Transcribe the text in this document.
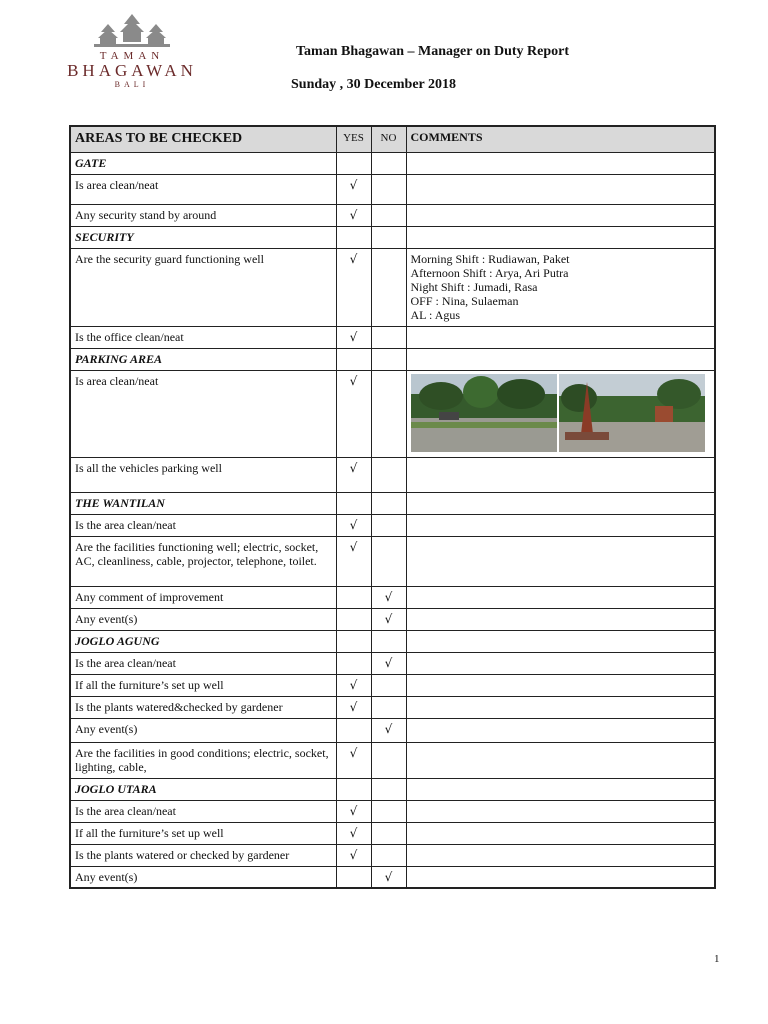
TAMAN
BHAGAWAN
BALI
Taman Bhagawan – Manager on Duty Report
Sunday , 30 December 2018
AREAS TO BE CHECKED	YES	NO	COMMENTS
GATE			
Is area clean/neat	√		
Any security stand by around	√		
SECURITY			
Are the security guard functioning well	√		Morning Shift : Rudiawan, Paket
Afternoon Shift : Arya, Ari Putra
Night Shift : Jumadi, Rasa
OFF : Nina, Sulaeman
AL : Agus

Is the office clean/neat	√		
PARKING AREA			
Is area clean/neat	√		

Is all the vehicles parking well	√		
THE WANTILAN			
Is the area clean/neat	√		
Are the facilities functioning well; electric, socket, AC, cleanliness, cable, projector, telephone, toilet.	√		
Any comment of improvement		√	
Any event(s)		√	
JOGLO AGUNG			
Is the area clean/neat		√	
If all the furniture’s set up well	√		
Is the plants watered&checked by gardener	√		
Any event(s)		√	
Are the facilities in good conditions; electric, socket, lighting, cable,	√		
JOGLO UTARA			
Is the area clean/neat	√		
If all the furniture’s set up well	√		
Is the plants watered or checked by gardener	√		
Any event(s)		√	
1
